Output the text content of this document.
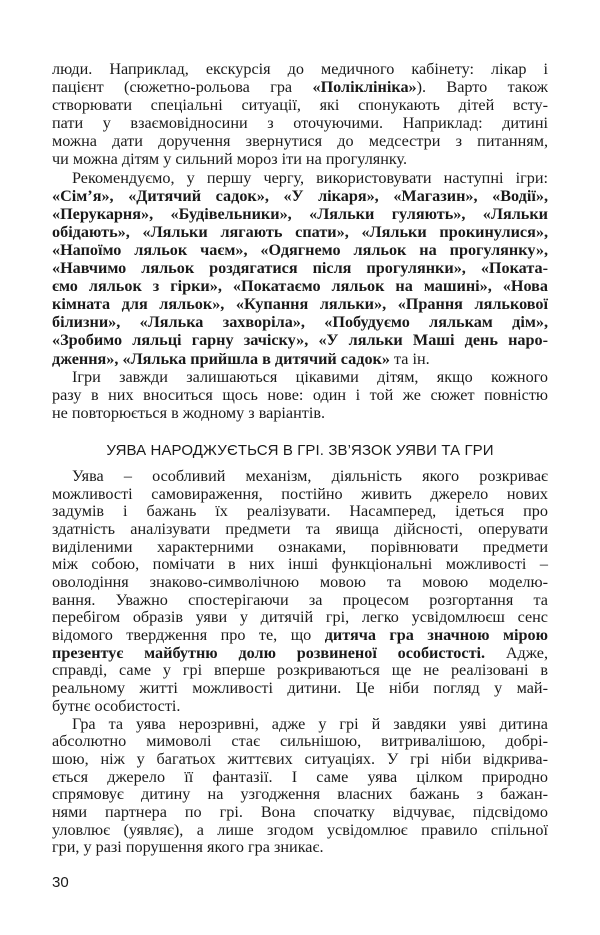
люди. Наприклад, екскурсія до медичного кабінету: лікар і
пацієнт (сюжетно-рольова гра «Поліклініка»). Варто також
створювати спеціальні ситуації, які спонукають дітей всту-
пати у взаємовідносини з оточуючими. Наприклад: дитині
можна дати доручення звернутися до медсестри з питанням,
чи можна дітям у сильний мороз іти на прогулянку.
Рекомендуємо, у першу чергу, використовувати наступні ігри:
«Сім’я», «Дитячий садок», «У лікаря», «Магазин», «Водії»,
«Перукарня», «Будівельники», «Ляльки гуляють», «Ляльки
обідають», «Ляльки лягають спати», «Ляльки прокинулися»,
«Напоїмо ляльок чаєм», «Одягнемо ляльок на прогулянку»,
«Навчимо ляльок роздягатися після прогулянки», «Поката-
ємо ляльок з гірки», «Покатаємо ляльок на машині», «Нова
кімната для ляльок», «Купання ляльки», «Прання лялькової
білизни», «Лялька захворіла», «Побудуємо лялькам дім»,
«Зробимо ляльці гарну зачіску», «У ляльки Маші день наро-
дження», «Лялька прийшла в дитячий садок» та ін.
Ігри завжди залишаються цікавими дітям, якщо кожного
разу в них вноситься щось нове: один і той же сюжет повністю
не повторюється в жодному з варіантів.
УЯВА НАРОДЖУЄТЬСЯ В ГРІ. ЗВ’ЯЗОК УЯВИ ТА ГРИ
Уява – особливий механізм, діяльність якого розкриває
можливості самовираження, постійно живить джерело нових
задумів і бажань їх реалізувати. Насамперед, ідеться про
здатність аналізувати предмети та явища дійсності, оперувати
виділеними характерними ознаками, порівнювати предмети
між собою, помічати в них інші функціональні можливості –
оволодіння знаково-символічною мовою та мовою моделю-
вання. Уважно спостерігаючи за процесом розгортання та
перебігом образів уяви у дитячій грі, легко усвідомлюєш сенс
відомого твердження про те, що дитяча гра значною мірою
презентує майбутню долю розвиненої особистості. Адже,
справді, саме у грі вперше розкриваються ще не реалізовані в
реальному житті можливості дитини. Це ніби погляд у май-
бутнє особистості.
Гра та уява нерозривні, адже у грі й завдяки уяві дитина
абсолютно мимоволі стає сильнішою, витривалішою, добрі-
шою, ніж у багатьох життєвих ситуаціях. У грі ніби відкрива-
ється джерело її фантазії. І саме уява цілком природно
спрямовує дитину на узгодження власних бажань з бажан-
нями партнера по грі. Вона спочатку відчуває, підсвідомо
уловлює (уявляє), а лише згодом усвідомлює правило спільної
гри, у разі порушення якого гра зникає.
30
